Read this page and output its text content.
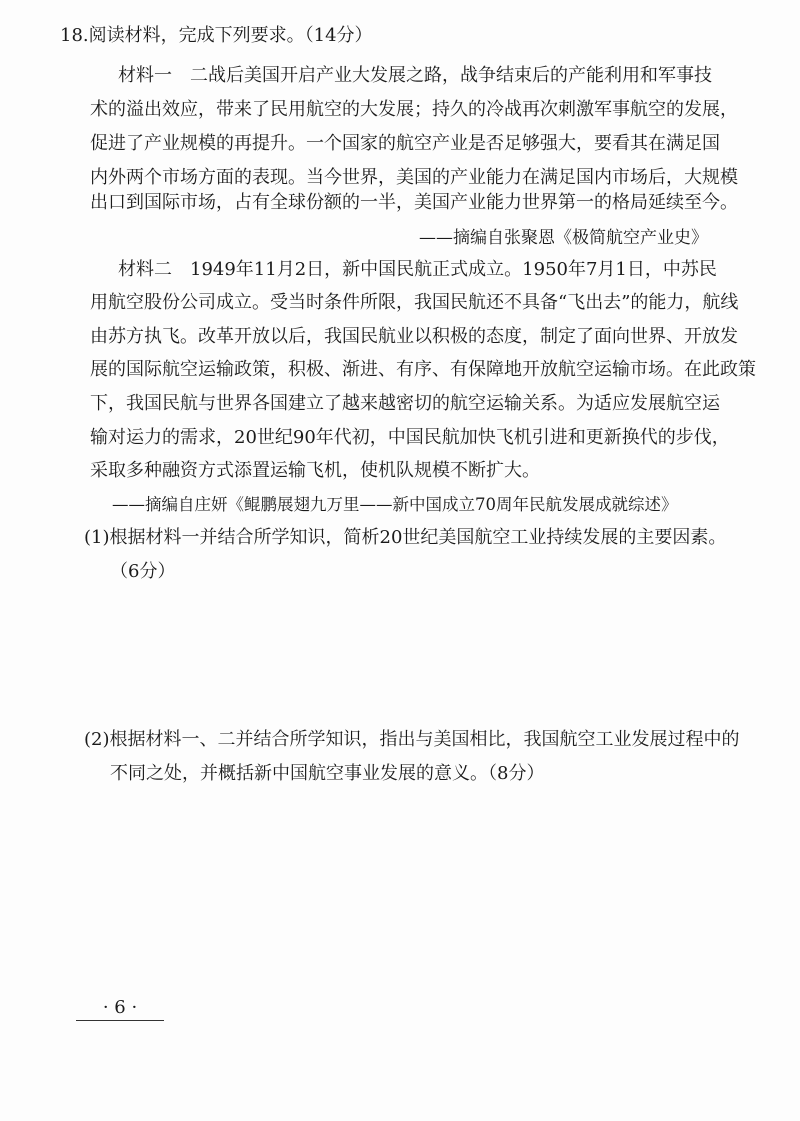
18.阅读材料，完成下列要求。（14分）
材料一　二战后美国开启产业大发展之路，战争结束后的产能利用和军事技
术的溢出效应，带来了民用航空的大发展；持久的冷战再次刺激军事航空的发展，
促进了产业规模的再提升。一个国家的航空产业是否足够强大，要看其在满足国
内外两个市场方面的表现。当今世界，美国的产业能力在满足国内市场后，大规模
出口到国际市场，占有全球份额的一半，美国产业能力世界第一的格局延续至今。
——摘编自张聚恩《极简航空产业史》
材料二　1949年11月2日，新中国民航正式成立。1950年7月1日，中苏民
用航空股份公司成立。受当时条件所限，我国民航还不具备“飞出去”的能力，航线
由苏方执飞。改革开放以后，我国民航业以积极的态度，制定了面向世界、开放发
展的国际航空运输政策，积极、渐进、有序、有保障地开放航空运输市场。在此政策
下，我国民航与世界各国建立了越来越密切的航空运输关系。为适应发展航空运
输对运力的需求，20世纪90年代初，中国民航加快飞机引进和更新换代的步伐，
采取多种融资方式添置运输飞机，使机队规模不断扩大。
——摘编自庄妍《鲲鹏展翅九万里——新中国成立70周年民航发展成就综述》
(1)根据材料一并结合所学知识，简析20世纪美国航空工业持续发展的主要因素。
（6分）
(2)根据材料一、二并结合所学知识，指出与美国相比，我国航空工业发展过程中的
不同之处，并概括新中国航空事业发展的意义。（8分）
· 6 ·
